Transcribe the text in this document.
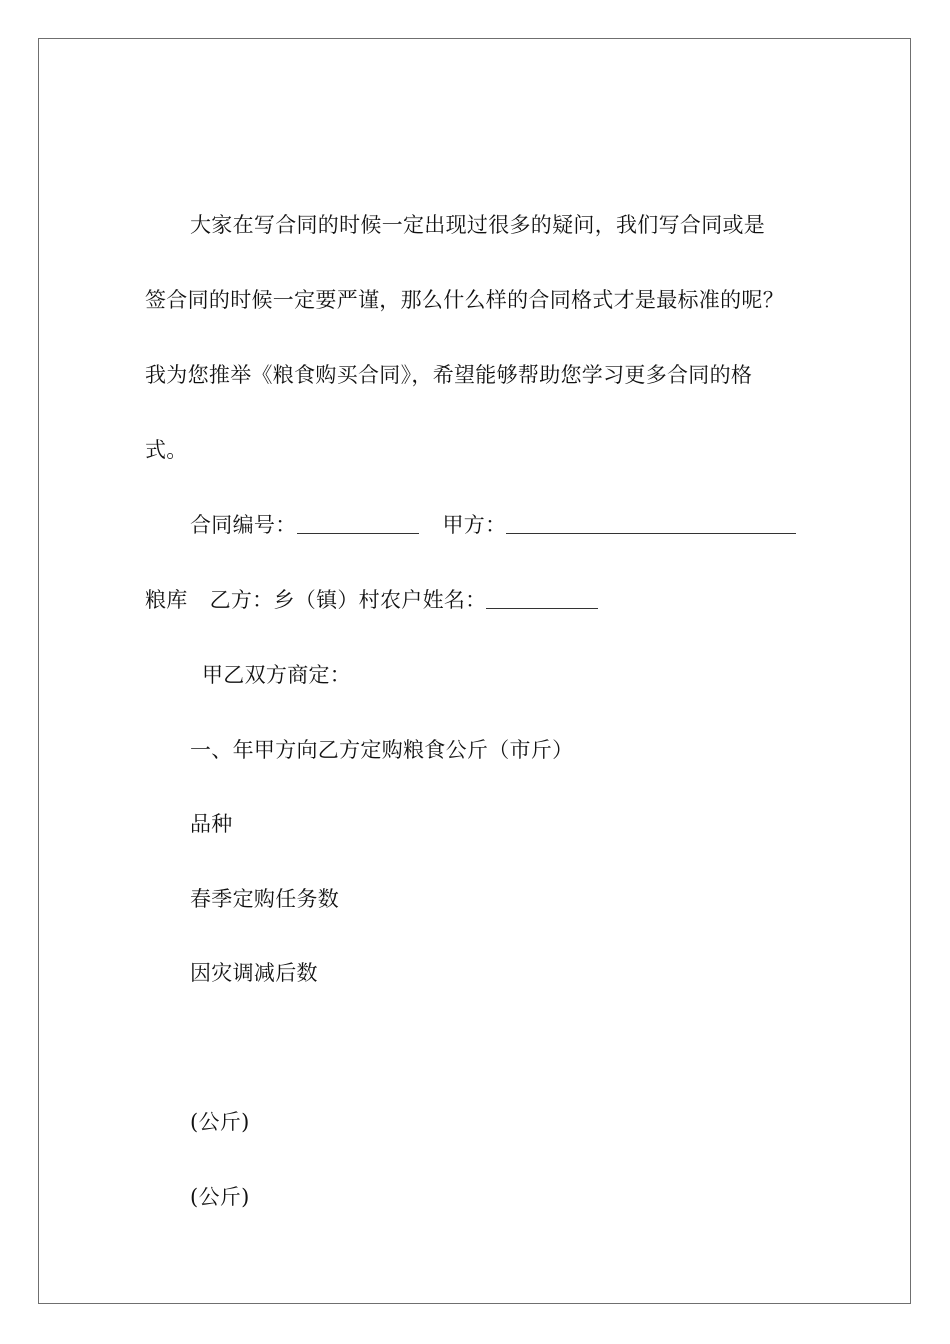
大家在写合同的时候一定出现过很多的疑问，我们写合同或是
签合同的时候一定要严谨，那么什么样的合同格式才是最标准的呢？
我为您推举《粮食购买合同》，希望能够帮助您学习更多合同的格
式。
合同编号：	甲方：
粮库 乙方：乡（镇）村农户姓名：
甲乙双方商定：
一、年甲方向乙方定购粮食公斤（市斤）
品种
春季定购任务数
因灾调减后数
(公斤)
(公斤)
